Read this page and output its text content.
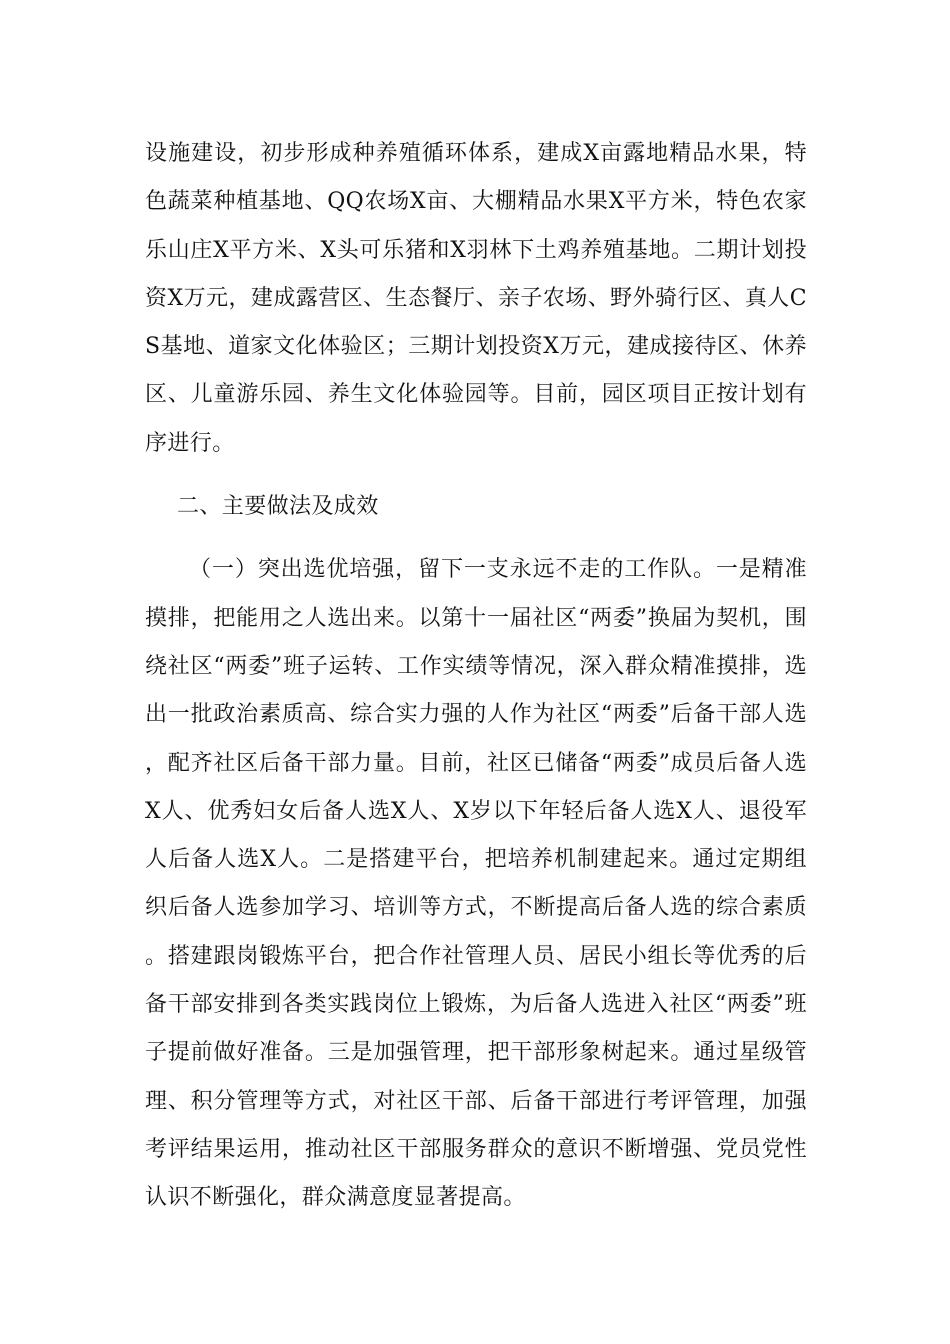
设施建设，初步形成种养殖循环体系，建成X亩露地精品水果，特色蔬菜种植基地、QQ农场X亩、大棚精品水果X平方米，特色农家乐山庄X平方米、X头可乐猪和X羽林下土鸡养殖基地。二期计划投资X万元，建成露营区、生态餐厅、亲子农场、野外骑行区、真人CS基地、道家文化体验区；三期计划投资X万元，建成接待区、休养区、儿童游乐园、养生文化体验园等。目前，园区项目正按计划有序进行。

二、主要做法及成效

（一）突出选优培强，留下一支永远不走的工作队。一是精准摸排，把能用之人选出来。以第十一届社区“两委”换届为契机，围绕社区“两委”班子运转、工作实绩等情况，深入群众精准摸排，选出一批政治素质高、综合实力强的人作为社区“两委”后备干部人选，配齐社区后备干部力量。目前，社区已储备“两委”成员后备人选X人、优秀妇女后备人选X人、X岁以下年轻后备人选X人、退役军人后备人选X人。二是搭建平台，把培养机制建起来。通过定期组织后备人选参加学习、培训等方式，不断提高后备人选的综合素质。搭建跟岗锻炼平台，把合作社管理人员、居民小组长等优秀的后备干部安排到各类实践岗位上锻炼，为后备人选进入社区“两委”班子提前做好准备。三是加强管理，把干部形象树起来。通过星级管理、积分管理等方式，对社区干部、后备干部进行考评管理，加强考评结果运用，推动社区干部服务群众的意识不断增强、党员党性认识不断强化，群众满意度显著提高。
